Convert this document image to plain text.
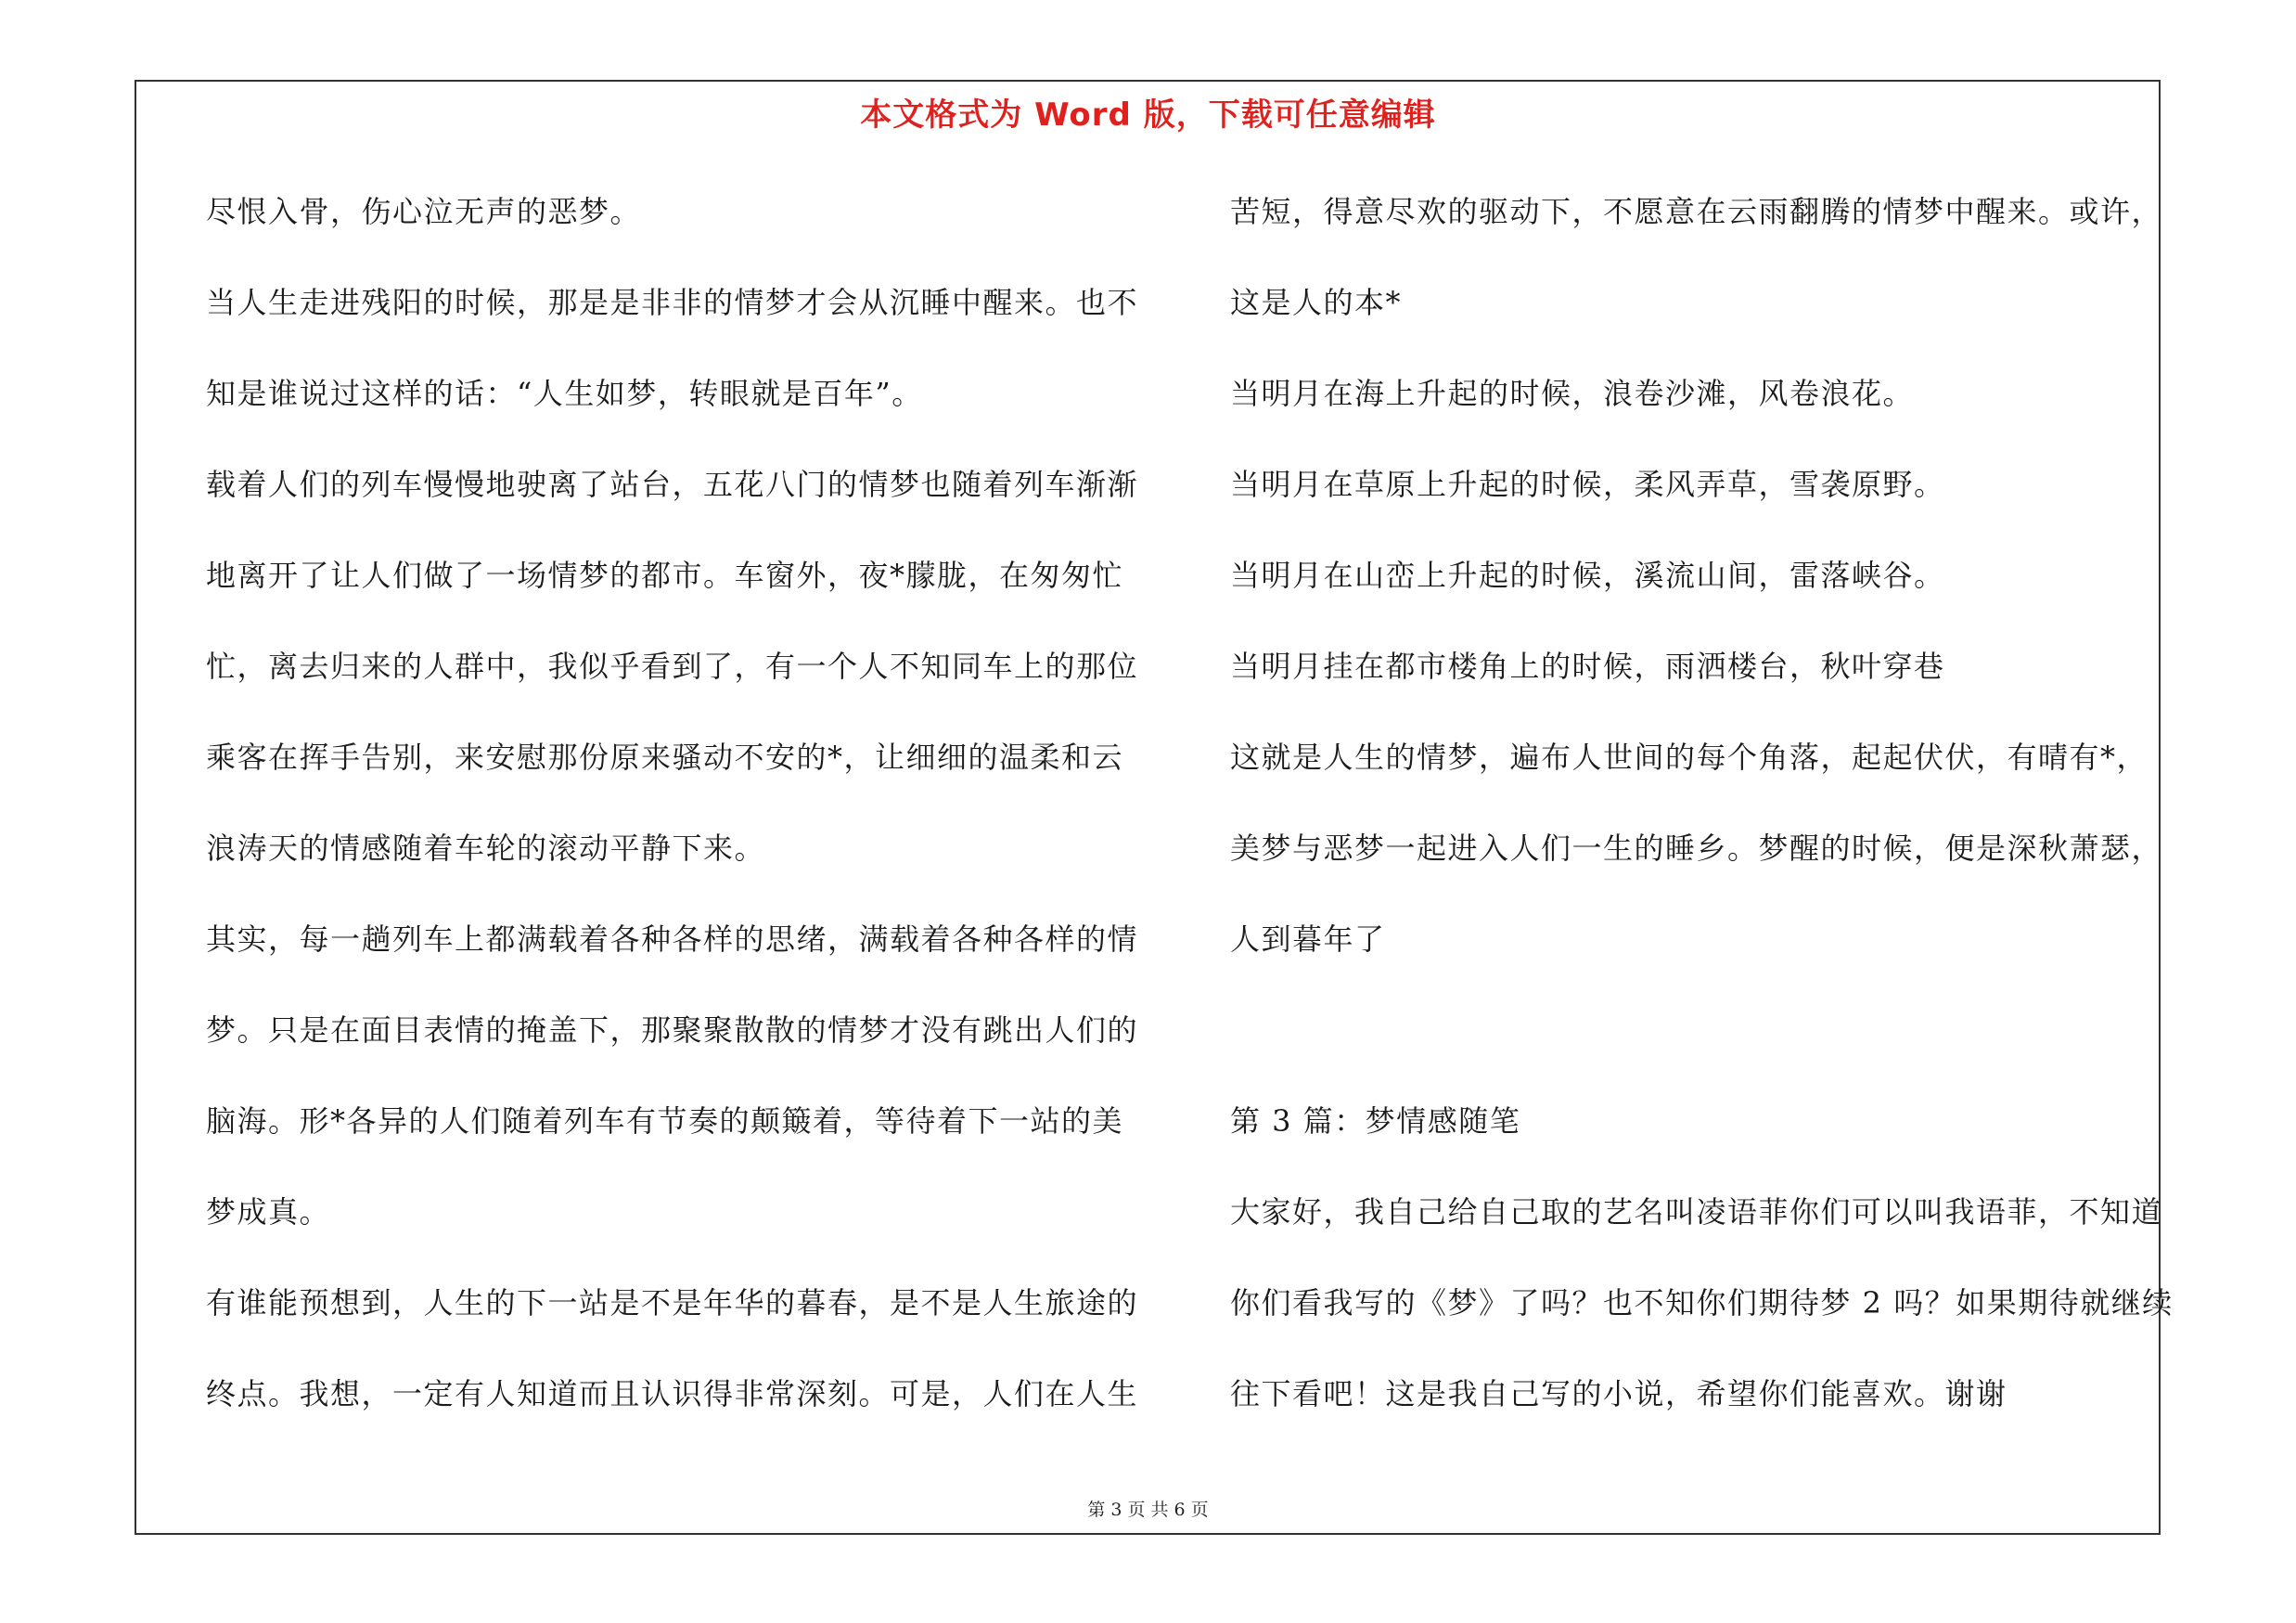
本文格式为 Word 版，下载可任意编辑
尽恨入骨，伤心泣无声的恶梦。
当人生走进残阳的时候，那是是非非的情梦才会从沉睡中醒来。也不
知是谁说过这样的话：“人生如梦，转眼就是百年”。
载着人们的列车慢慢地驶离了站台，五花八门的情梦也随着列车渐渐
地离开了让人们做了一场情梦的都市。车窗外，夜*朦胧，在匆匆忙
忙，离去归来的人群中，我似乎看到了，有一个人不知同车上的那位
乘客在挥手告别，来安慰那份原来骚动不安的*，让细细的温柔和云
浪涛天的情感随着车轮的滚动平静下来。
其实，每一趟列车上都满载着各种各样的思绪，满载着各种各样的情
梦。只是在面目表情的掩盖下，那聚聚散散的情梦才没有跳出人们的
脑海。形*各异的人们随着列车有节奏的颠簸着，等待着下一站的美
梦成真。
有谁能预想到，人生的下一站是不是年华的暮春，是不是人生旅途的
终点。我想，一定有人知道而且认识得非常深刻。可是，人们在人生
苦短，得意尽欢的驱动下，不愿意在云雨翻腾的情梦中醒来。或许，
这是人的本*
当明月在海上升起的时候，浪卷沙滩，风卷浪花。
当明月在草原上升起的时候，柔风弄草，雪袭原野。
当明月在山峦上升起的时候，溪流山间，雷落峡谷。
当明月挂在都市楼角上的时候，雨洒楼台，秋叶穿巷
这就是人生的情梦，遍布人世间的每个角落，起起伏伏，有晴有*，
美梦与恶梦一起进入人们一生的睡乡。梦醒的时候，便是深秋萧瑟，
人到暮年了
第 3 篇：梦情感随笔
大家好，我自己给自己取的艺名叫凌语菲你们可以叫我语菲，不知道
你们看我写的《梦》了吗？也不知你们期待梦 2 吗？如果期待就继续
往下看吧！这是我自己写的小说，希望你们能喜欢。谢谢
第 3 页 共 6 页
